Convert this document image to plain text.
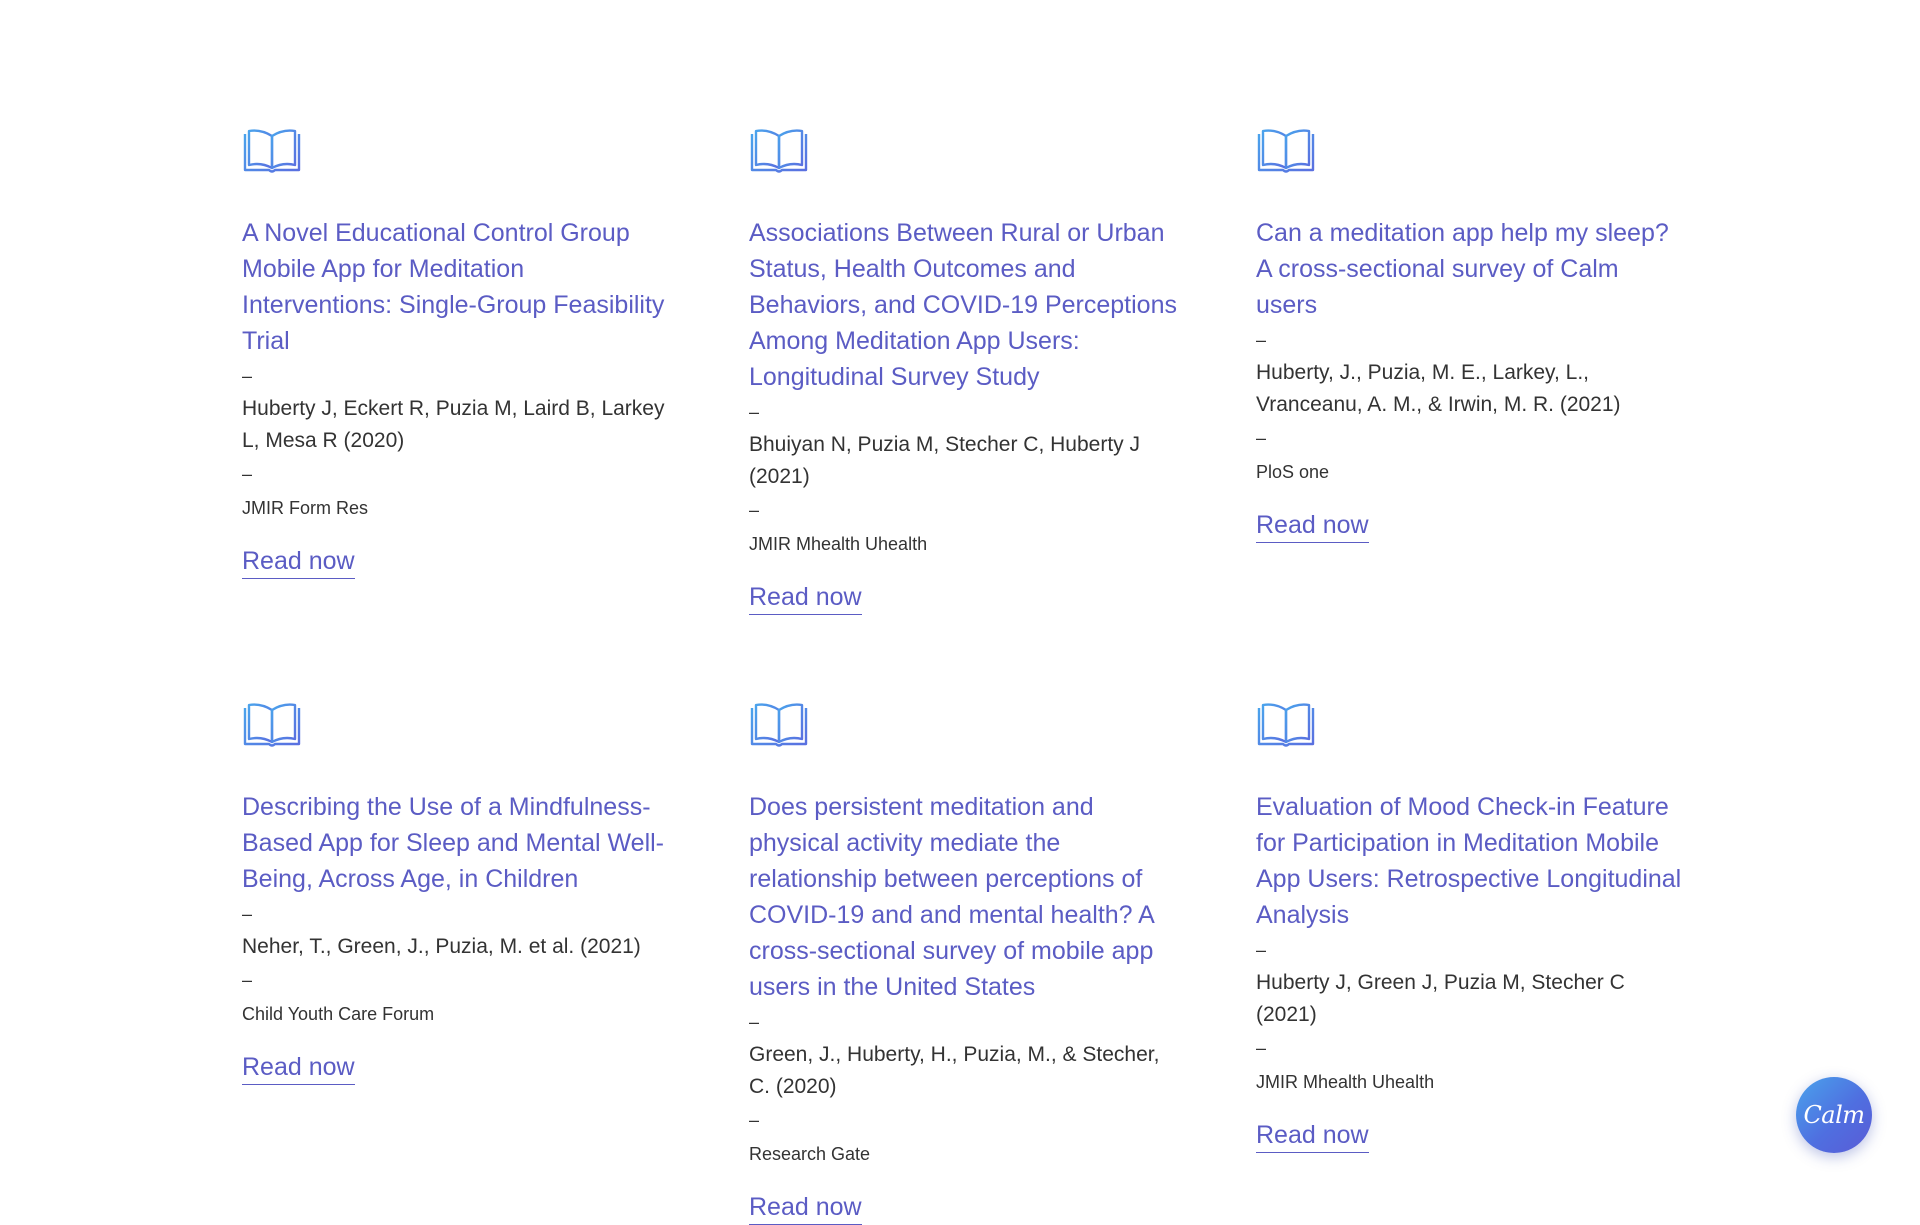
A Novel Educational Control Group Mobile App for Meditation Interventions: Single-Group Feasibility Trial
–
Huberty J, Eckert R, Puzia M, Laird B, Larkey L, Mesa R (2020)
–
JMIR Form Res
Read now
Associations Between Rural or Urban Status, Health Outcomes and Behaviors, and COVID-19 Perceptions Among Meditation App Users: Longitudinal Survey Study
–
Bhuiyan N, Puzia M, Stecher C, Huberty J (2021)
–
JMIR Mhealth Uhealth
Read now
Can a meditation app help my sleep? A cross-sectional survey of Calm users
–
Huberty, J., Puzia, M. E., Larkey, L., Vranceanu, A. M., & Irwin, M. R. (2021)
–
PloS one
Read now
Describing the Use of a Mindfulness-Based App for Sleep and Mental Well-Being, Across Age, in Children
–
Neher, T., Green, J., Puzia, M. et al. (2021)
–
Child Youth Care Forum
Read now
Does persistent meditation and physical activity mediate the relationship between perceptions of COVID-19 and and mental health? A cross-sectional survey of mobile app users in the United States
–
Green, J., Huberty, H., Puzia, M., & Stecher, C. (2020)
–
Research Gate
Read now
Evaluation of Mood Check-in Feature for Participation in Meditation Mobile App Users: Retrospective Longitudinal Analysis
–
Huberty J, Green J, Puzia M, Stecher C (2021)
–
JMIR Mhealth Uhealth
Read now
Calm
